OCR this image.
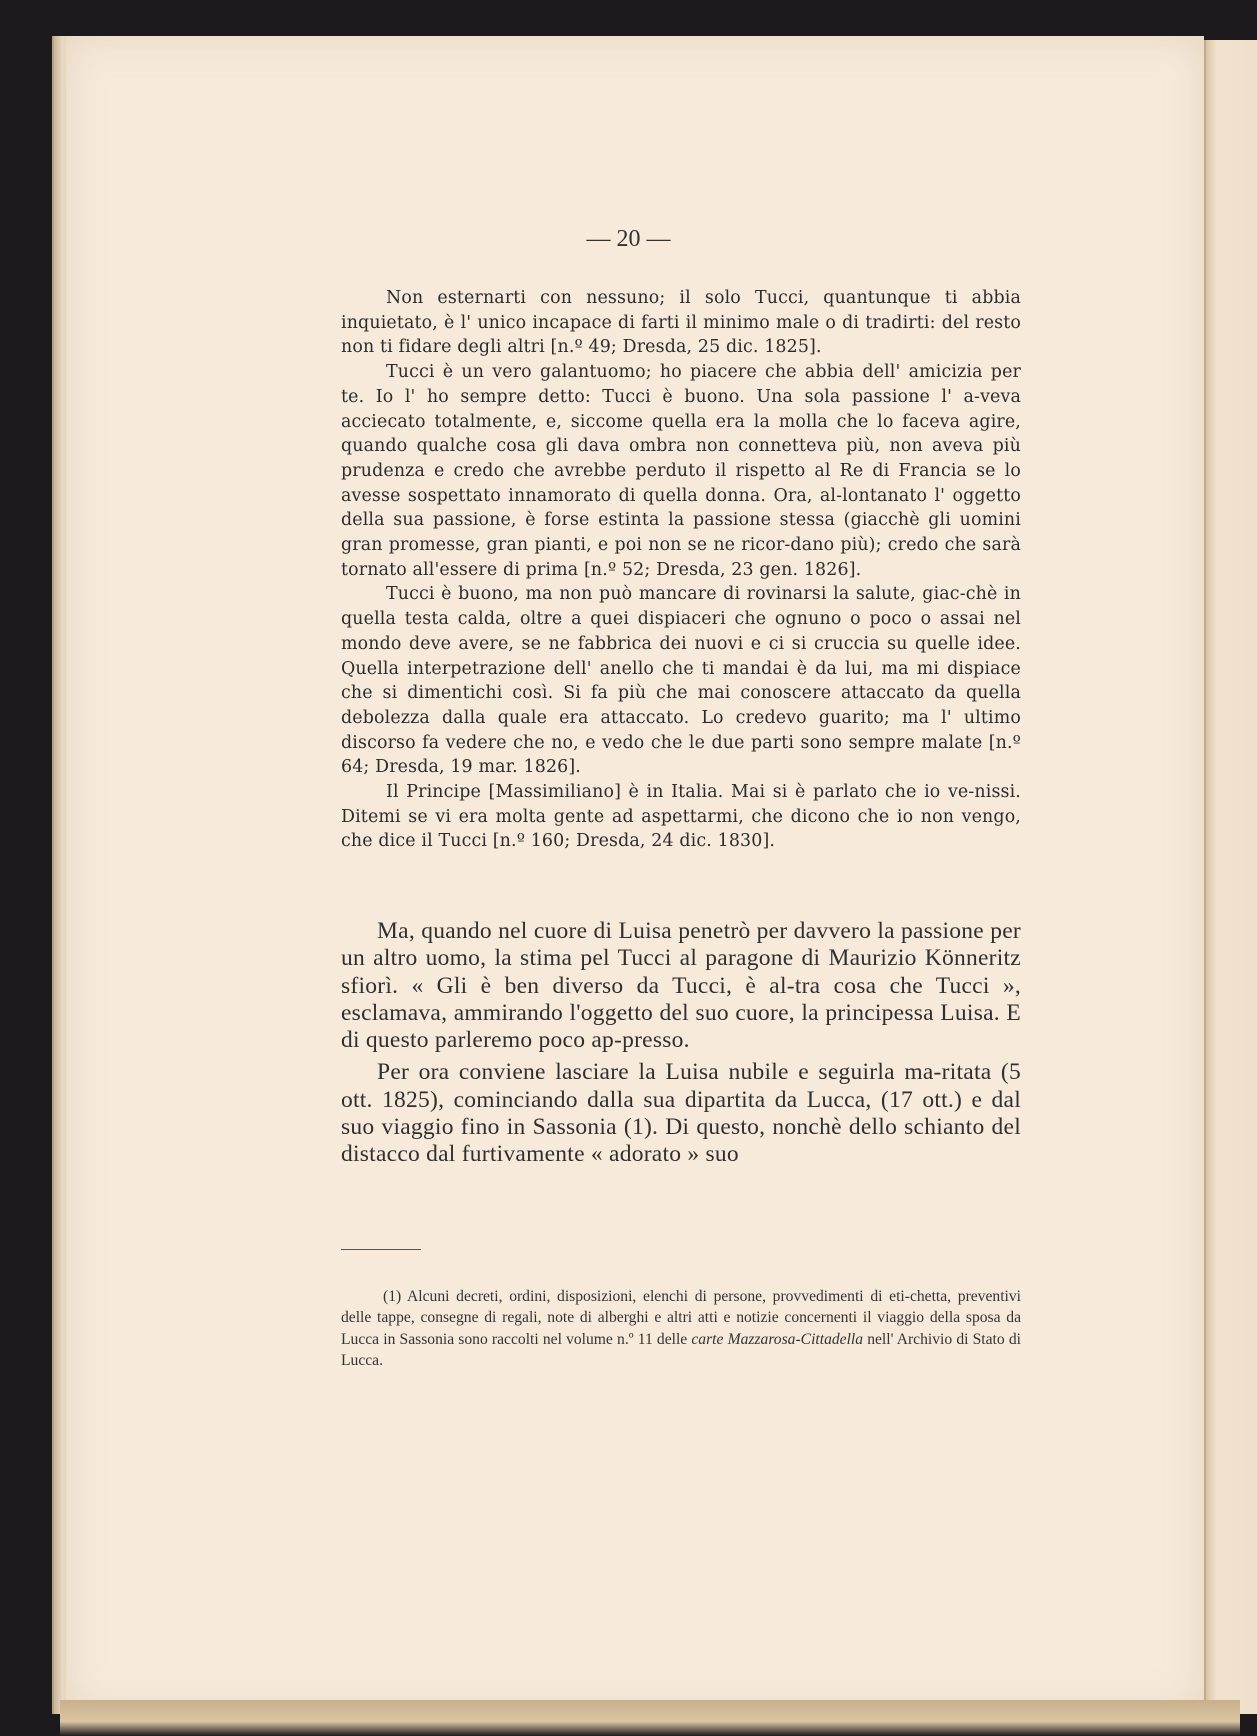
— 20 —

Non esternarti con nessuno; il solo Tucci, quantunque ti abbia inquietato, è l' unico incapace di farti il minimo male o di tradirti: del resto non ti fidare degli altri [n.º 49; Dresda, 25 dic. 1825].

Tucci è un vero galantuomo; ho piacere che abbia dell' amicizia per te. Io l' ho sempre detto: Tucci è buono. Una sola passione l' a-veva acciecato totalmente, e, siccome quella era la molla che lo faceva agire, quando qualche cosa gli dava ombra non connetteva più, non aveva più prudenza e credo che avrebbe perduto il rispetto al Re di Francia se lo avesse sospettato innamorato di quella donna. Ora, al-lontanato l' oggetto della sua passione, è forse estinta la passione stessa (giacchè gli uomini gran promesse, gran pianti, e poi non se ne ricor-dano più); credo che sarà tornato all'essere di prima [n.º 52; Dresda, 23 gen. 1826].

Tucci è buono, ma non può mancare di rovinarsi la salute, giac-chè in quella testa calda, oltre a quei dispiaceri che ognuno o poco o assai nel mondo deve avere, se ne fabbrica dei nuovi e ci si cruccia su quelle idee. Quella interpetrazione dell' anello che ti mandai è da lui, ma mi dispiace che si dimentichi così. Si fa più che mai conoscere attaccato da quella debolezza dalla quale era attaccato. Lo credevo guarito; ma l' ultimo discorso fa vedere che no, e vedo che le due parti sono sempre malate [n.º 64; Dresda, 19 mar. 1826].

Il Principe [Massimiliano] è in Italia. Mai si è parlato che io ve-nissi. Ditemi se vi era molta gente ad aspettarmi, che dicono che io non vengo, che dice il Tucci [n.º 160; Dresda, 24 dic. 1830].

Ma, quando nel cuore di Luisa penetrò per davvero la passione per un altro uomo, la stima pel Tucci al paragone di Maurizio Könneritz sfiorì. « Gli è ben diverso da Tucci, è al-tra cosa che Tucci », esclamava, ammirando l'oggetto del suo cuore, la principessa Luisa. E di questo parleremo poco ap-presso.

Per ora conviene lasciare la Luisa nubile e seguirla ma-ritata (5 ott. 1825), cominciando dalla sua dipartita da Lucca, (17 ott.) e dal suo viaggio fino in Sassonia (1). Di questo, nonchè dello schianto del distacco dal furtivamente « adorato » suo

(1) Alcuni decreti, ordini, disposizioni, elenchi di persone, provvedimenti di eti-chetta, preventivi delle tappe, consegne di regali, note di alberghi e altri atti e notizie concernenti il viaggio della sposa da Lucca in Sassonia sono raccolti nel volume n.º 11 delle carte Mazzarosa-Cittadella nell' Archivio di Stato di Lucca.
